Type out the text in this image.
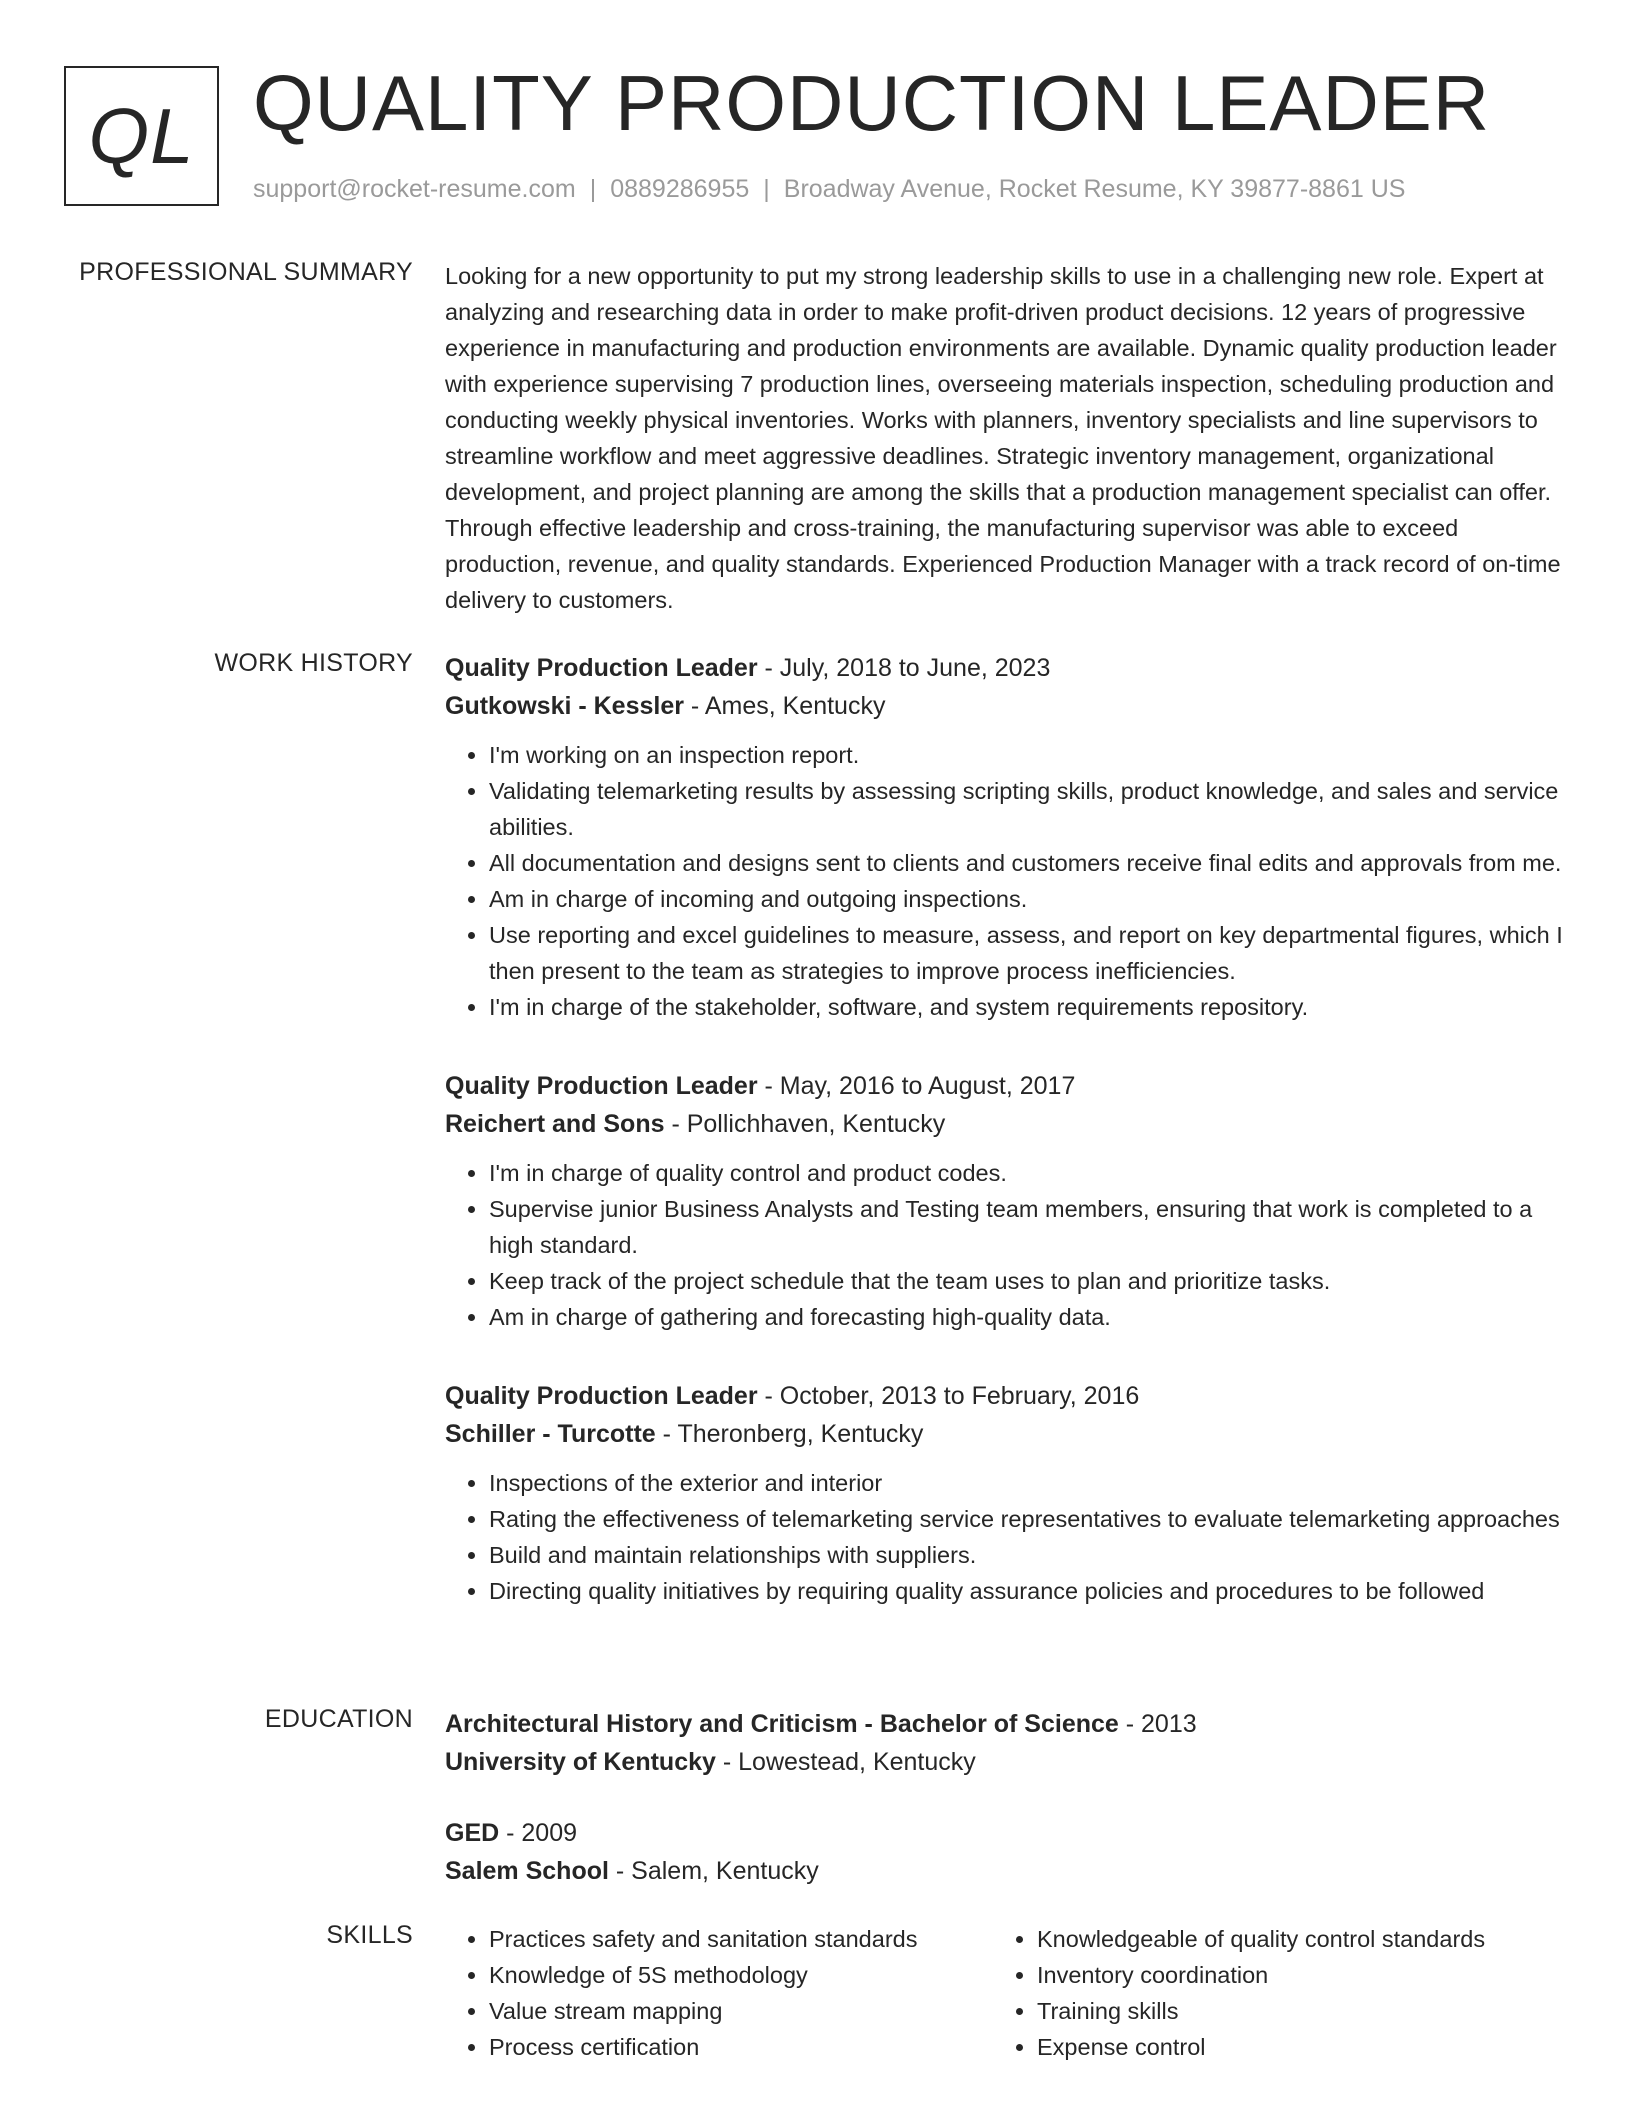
QL QUALITY PRODUCTION LEADER
support@rocket-resume.com | 0889286955 | Broadway Avenue, Rocket Resume, KY 39877-8861 US
PROFESSIONAL SUMMARY Looking for a new opportunity to put my strong leadership skills to use in a challenging new role. Expert at analyzing and researching data in order to make profit-driven product decisions. 12 years of progressive experience in manufacturing and production environments are available. Dynamic quality production leader with experience supervising 7 production lines, overseeing materials inspection, scheduling production and conducting weekly physical inventories. Works with planners, inventory specialists and line supervisors to streamline workflow and meet aggressive deadlines. Strategic inventory management, organizational development, and project planning are among the skills that a production management specialist can offer. Through effective leadership and cross-training, the manufacturing supervisor was able to exceed production, revenue, and quality standards. Experienced Production Manager with a track record of on-time delivery to customers.

WORK HISTORY Quality Production Leader - July, 2018 to June, 2023
Gutkowski - Kessler - Ames, Kentucky
• I'm working on an inspection report.
• Validating telemarketing results by assessing scripting skills, product knowledge, and sales and service abilities.
• All documentation and designs sent to clients and customers receive final edits and approvals from me.
• Am in charge of incoming and outgoing inspections.
• Use reporting and excel guidelines to measure, assess, and report on key departmental figures, which I then present to the team as strategies to improve process inefficiencies.
• I'm in charge of the stakeholder, software, and system requirements repository.
Quality Production Leader - May, 2016 to August, 2017
Reichert and Sons - Pollichhaven, Kentucky
• I'm in charge of quality control and product codes.
• Supervise junior Business Analysts and Testing team members, ensuring that work is completed to a high standard.
• Keep track of the project schedule that the team uses to plan and prioritize tasks.
• Am in charge of gathering and forecasting high-quality data.
Quality Production Leader - October, 2013 to February, 2016
Schiller - Turcotte - Theronberg, Kentucky
• Inspections of the exterior and interior
• Rating the effectiveness of telemarketing service representatives to evaluate telemarketing approaches
• Build and maintain relationships with suppliers.
• Directing quality initiatives by requiring quality assurance policies and procedures to be followed
EDUCATION Architectural History and Criticism - Bachelor of Science - 2013
University of Kentucky - Lowestead, Kentucky
GED - 2009
Salem School - Salem, Kentucky
SKILLS
•	Practices safety and sanitation standards
• Knowledge of 5S methodology
• Value stream mapping
• Process certification
• Knowledgeable of quality control standards
• Inventory coordination
• Training skills
• Expense control
